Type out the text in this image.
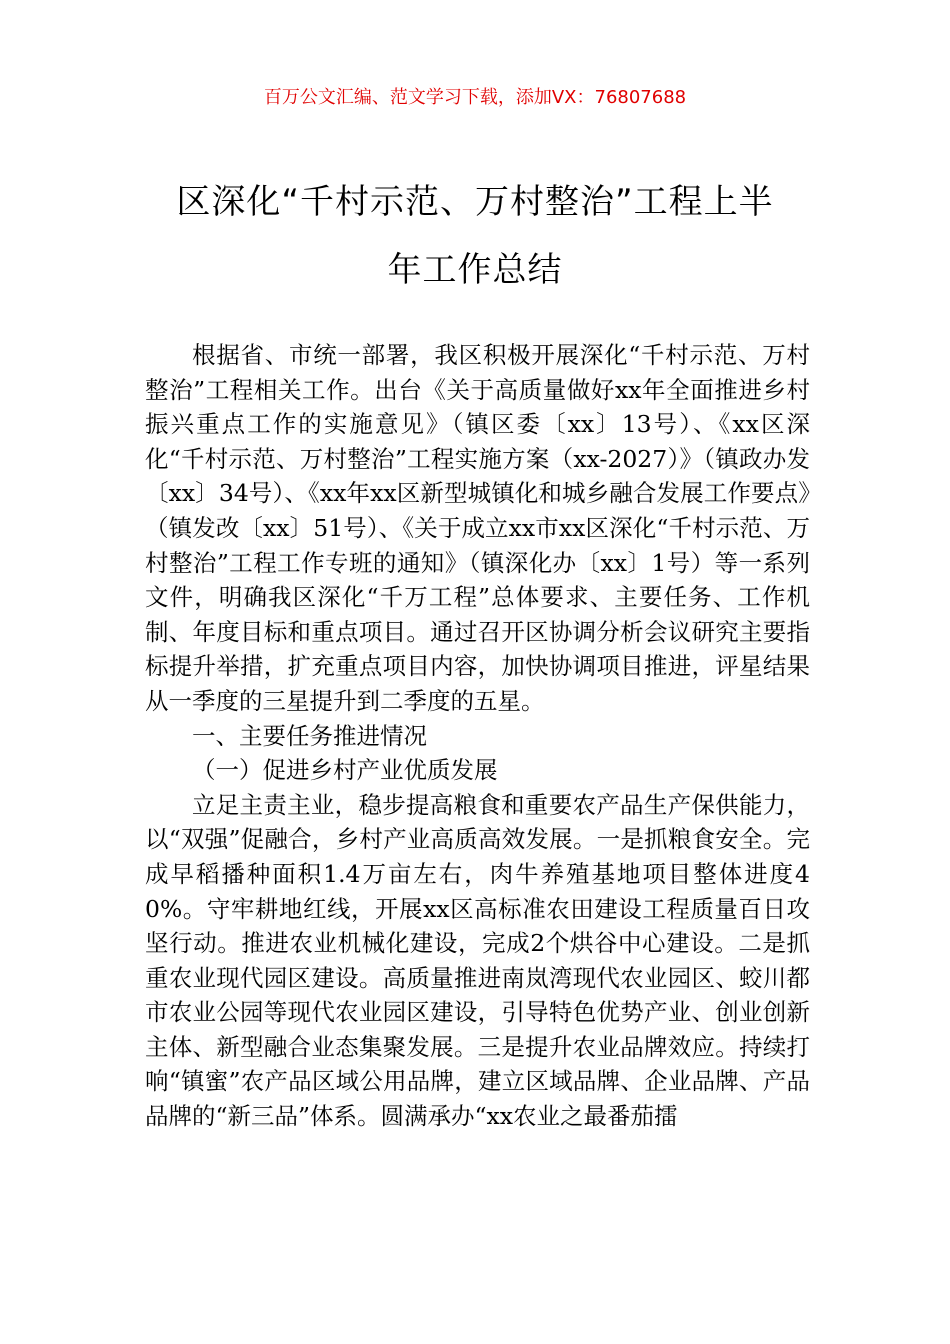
百万公文汇编、范文学习下载，添加VX：76807688
区深化“千村示范、万村整治”工程上半
年工作总结

根据省、市统一部署，我区积极开展深化“千村示范、万村整治”工程相关工作。出台《关于高质量做好xx年全面推进乡村振兴重点工作的实施意见》（镇区委〔xx〕13号）、《xx区深化“千村示范、万村整治”工程实施方案（xx-2027）》（镇政办发〔xx〕34号）、《xx年xx区新型城镇化和城乡融合发展工作要点》（镇发改〔xx〕51号）、《关于成立xx市xx区深化“千村示范、万村整治”工程工作专班的通知》（镇深化办〔xx〕1号）等一系列文件，明确我区深化“千万工程”总体要求、主要任务、工作机制、年度目标和重点项目。通过召开区协调分析会议研究主要指标提升举措，扩充重点项目内容，加快协调项目推进，评星结果从一季度的三星提升到二季度的五星。

一、主要任务推进情况

（一）促进乡村产业优质发展

立足主责主业，稳步提高粮食和重要农产品生产保供能力，以“双强”促融合，乡村产业高质高效发展。一是抓粮食安全。完成早稻播种面积1.4万亩左右，肉牛养殖基地项目整体进度40%。守牢耕地红线，开展xx区高标准农田建设工程质量百日攻坚行动。推进农业机械化建设，完成2个烘谷中心建设。二是抓重农业现代园区建设。高质量推进南岚湾现代农业园区、蛟川都市农业公园等现代农业园区建设，引导特色优势产业、创业创新主体、新型融合业态集聚发展。三是提升农业品牌效应。持续打响“镇蜜”农产品区域公用品牌，建立区域品牌、企业品牌、产品品牌的“新三品”体系。圆满承办“xx农业之最番茄擂
